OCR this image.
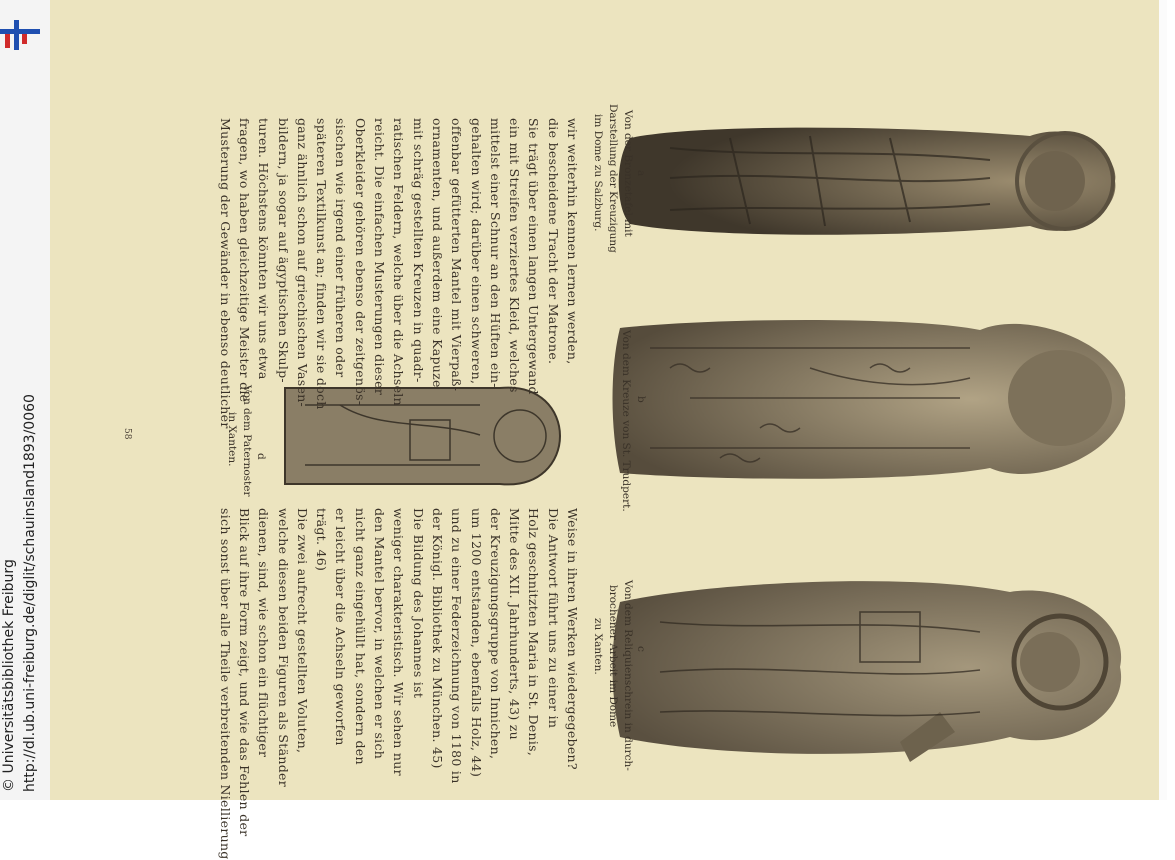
http://dl.ub.uni-freiburg.de/diglit/schauinsland1893/0060
© Universitätsbibliothek Freiburg
a
Von der Bronzetafel mit
Darstellung der Kreuzigung
im Dome zu Salzburg.
b
Von dem Kreuze von St. Trudpert.
c
Von dem Reliquienschrein in durch-
brochener Arbeit im Dome
zu Xanten.
d
Von dem Paternoster
in Xanten.
wir weiterhin kennen lernen werden,
die bescheidene Tracht der Matrone.
Sie trägt über einen langen Untergewand
ein mit Streifen verziertes Kleid, welches
mittelst einer Schnur an den Hüften ein-
gehalten wird; darüber einen schweren,
offenbar gefütterten Mantel mit Vierpaß-
ornamenten, und außerdem eine Kapuze
mit schräg gestellten Kreuzen in quadr-
ratischen Feldern, welche über die Achseln
reicht. Die einfachen Musterungen dieser
Oberkleider gehören ebenso der zeitgenös-
sischen wie irgend einer früheren oder
späteren Textilkunst an; finden wir sie doch
ganz ähnlich schon auf griechischen Vasen-
bildern, ja sogar auf ägyptischen Skulp-
turen. Höchstens könnten wir uns etwa
fragen, wo haben gleichzeitige Meister die
Musterung der Gewänder in ebenso deutlicher
Weise in ihren Werken wiedergegeben?
Die Antwort führt uns zu einer in
Holz geschnitzten Maria in St. Denis,
Mitte des XII. Jahrhunderts, 43) zu
der Kreuzigungsgruppe von Innichen,
um 1200 entstanden, ebenfalls Holz, 44)
und zu einer Federzeichnung von 1180 in
der Königl. Bibliothek zu München. 45)
Die Bildung des Johannes ist
weniger charakteristisch. Wir sehen nur
den Mantel bervor, in welchen er sich
nicht ganz eingehüllt hat, sondern den
er leicht über die Achseln geworfen
trägt. 46)
Die zwei aufrecht gestellten Voluten,
welche diesen beiden Figuren als Ständer
dienen, sind, wie schon ein flüchtiger
Blick auf ihre Form zeigt, und wie das Fehlen der
sich sonst über alle Theile verbreitenden Niellierung
58
